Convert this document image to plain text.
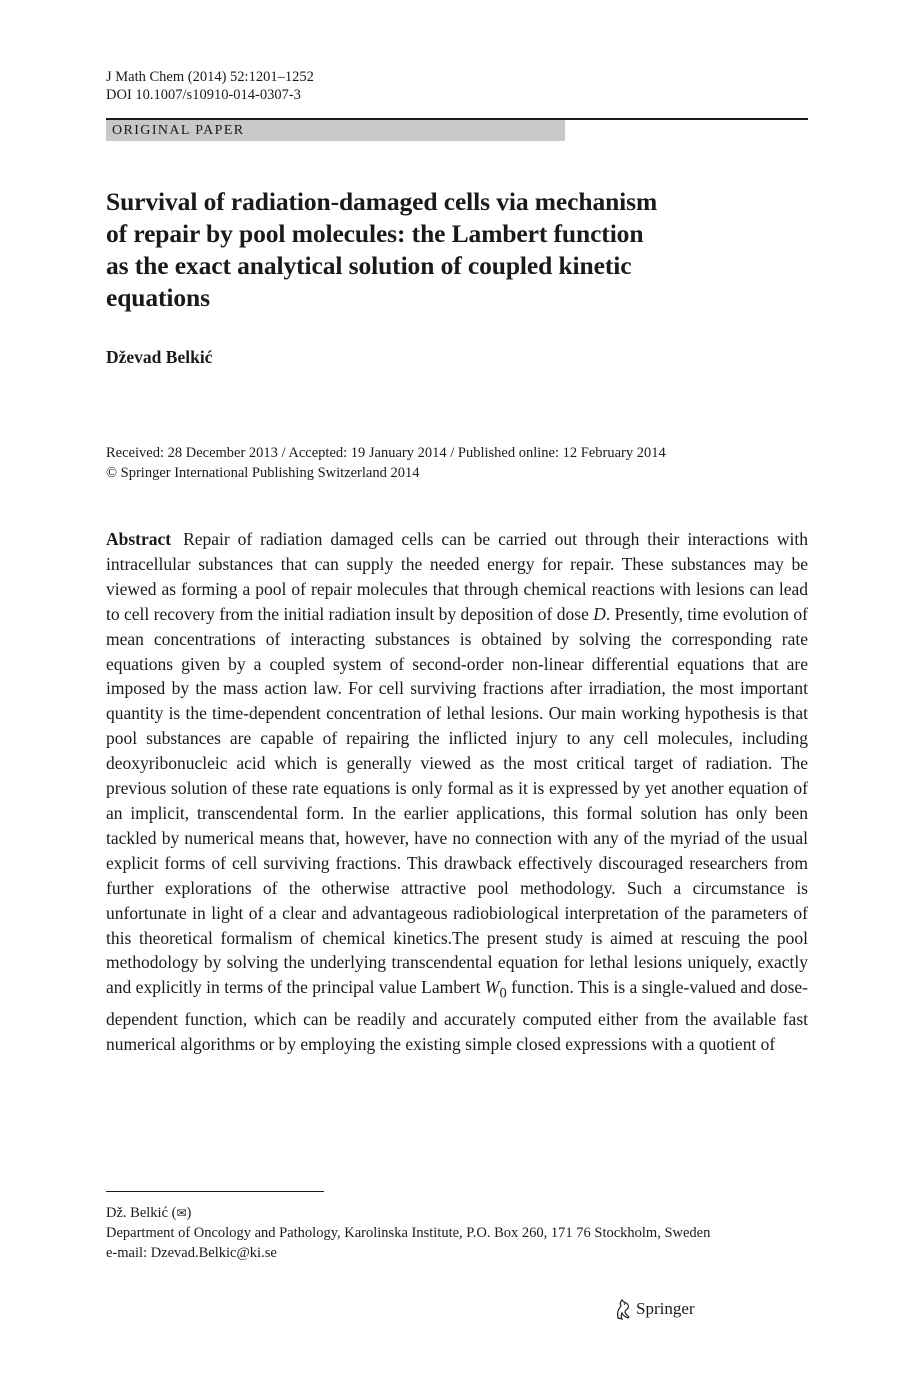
J Math Chem (2014) 52:1201–1252
DOI 10.1007/s10910-014-0307-3
ORIGINAL PAPER
Survival of radiation-damaged cells via mechanism
of repair by pool molecules: the Lambert function
as the exact analytical solution of coupled kinetic
equations
Dževad Belkić
Received: 28 December 2013 / Accepted: 19 January 2014 / Published online: 12 February 2014
© Springer International Publishing Switzerland 2014

Abstract Repair of radiation damaged cells can be carried out through their interactions with intracellular substances that can supply the needed energy for repair. These substances may be viewed as forming a pool of repair molecules that through chemical reactions with lesions can lead to cell recovery from the initial radiation insult by deposition of dose D. Presently, time evolution of mean concentrations of interacting substances is obtained by solving the corresponding rate equations given by a coupled system of second-order non-linear differential equations that are imposed by the mass action law. For cell surviving fractions after irradiation, the most important quantity is the time-dependent concentration of lethal lesions. Our main working hypothesis is that pool substances are capable of repairing the inflicted injury to any cell molecules, including deoxyribonucleic acid which is generally viewed as the most critical target of radiation. The previous solution of these rate equations is only formal as it is expressed by yet another equation of an implicit, transcendental form. In the earlier applications, this formal solution has only been tackled by numerical means that, however, have no connection with any of the myriad of the usual explicit forms of cell surviving fractions. This drawback effectively discouraged researchers from further explorations of the otherwise attractive pool methodology. Such a circumstance is unfortunate in light of a clear and advantageous radiobiological interpretation of the parameters of this theoretical formalism of chemical kinetics.The present study is aimed at rescuing the pool methodology by solving the underlying transcendental equation for lethal lesions uniquely, exactly and explicitly in terms of the principal value Lambert $W_0$ function. This is a single-valued and dose-dependent function, which can be readily and accurately computed either from the available fast numerical algorithms or by employing the existing simple closed expressions with a quotient of

Dž. Belkić (✉)
Department of Oncology and Pathology, Karolinska Institute, P.O. Box 260, 171 76 Stockholm, Sweden
e-mail: Dzevad.Belkic@ki.se
Springer
